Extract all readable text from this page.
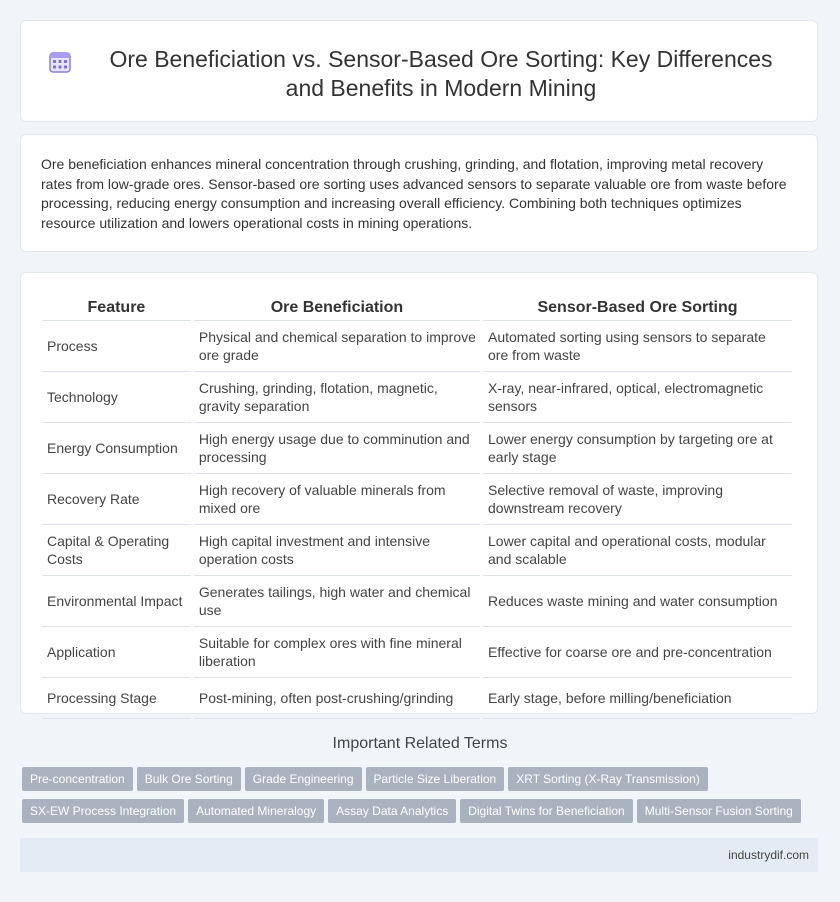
Ore Beneficiation vs. Sensor-Based Ore Sorting: Key Differences and Benefits in Modern Mining

Ore beneficiation enhances mineral concentration through crushing, grinding, and flotation, improving metal recovery rates from low-grade ores. Sensor-based ore sorting uses advanced sensors to separate valuable ore from waste before processing, reducing energy consumption and increasing overall efficiency. Combining both techniques optimizes resource utilization and lowers operational costs in mining operations.

Feature	Ore Beneficiation	Sensor-Based Ore Sorting
Process	Physical and chemical separation to improve ore grade	Automated sorting using sensors to separate ore from waste
Technology	Crushing, grinding, flotation, magnetic, gravity separation	X-ray, near-infrared, optical, electromagnetic sensors
Energy Consumption	High energy usage due to comminution and processing	Lower energy consumption by targeting ore at early stage
Recovery Rate	High recovery of valuable minerals from mixed ore	Selective removal of waste, improving downstream recovery
Capital & Operating Costs	High capital investment and intensive operation costs	Lower capital and operational costs, modular and scalable
Environmental Impact	Generates tailings, high water and chemical use	Reduces waste mining and water consumption
Application	Suitable for complex ores with fine mineral liberation	Effective for coarse ore and pre-concentration
Processing Stage	Post-mining, often post-crushing/grinding	Early stage, before milling/beneficiation
Important Related Terms
Pre-concentration Bulk Ore Sorting Grade Engineering Particle Size Liberation XRT Sorting (X-Ray Transmission)
SX-EW Process Integration Automated Mineralogy Assay Data Analytics Digital Twins for Beneficiation Multi-Sensor Fusion Sorting
industrydif.com
